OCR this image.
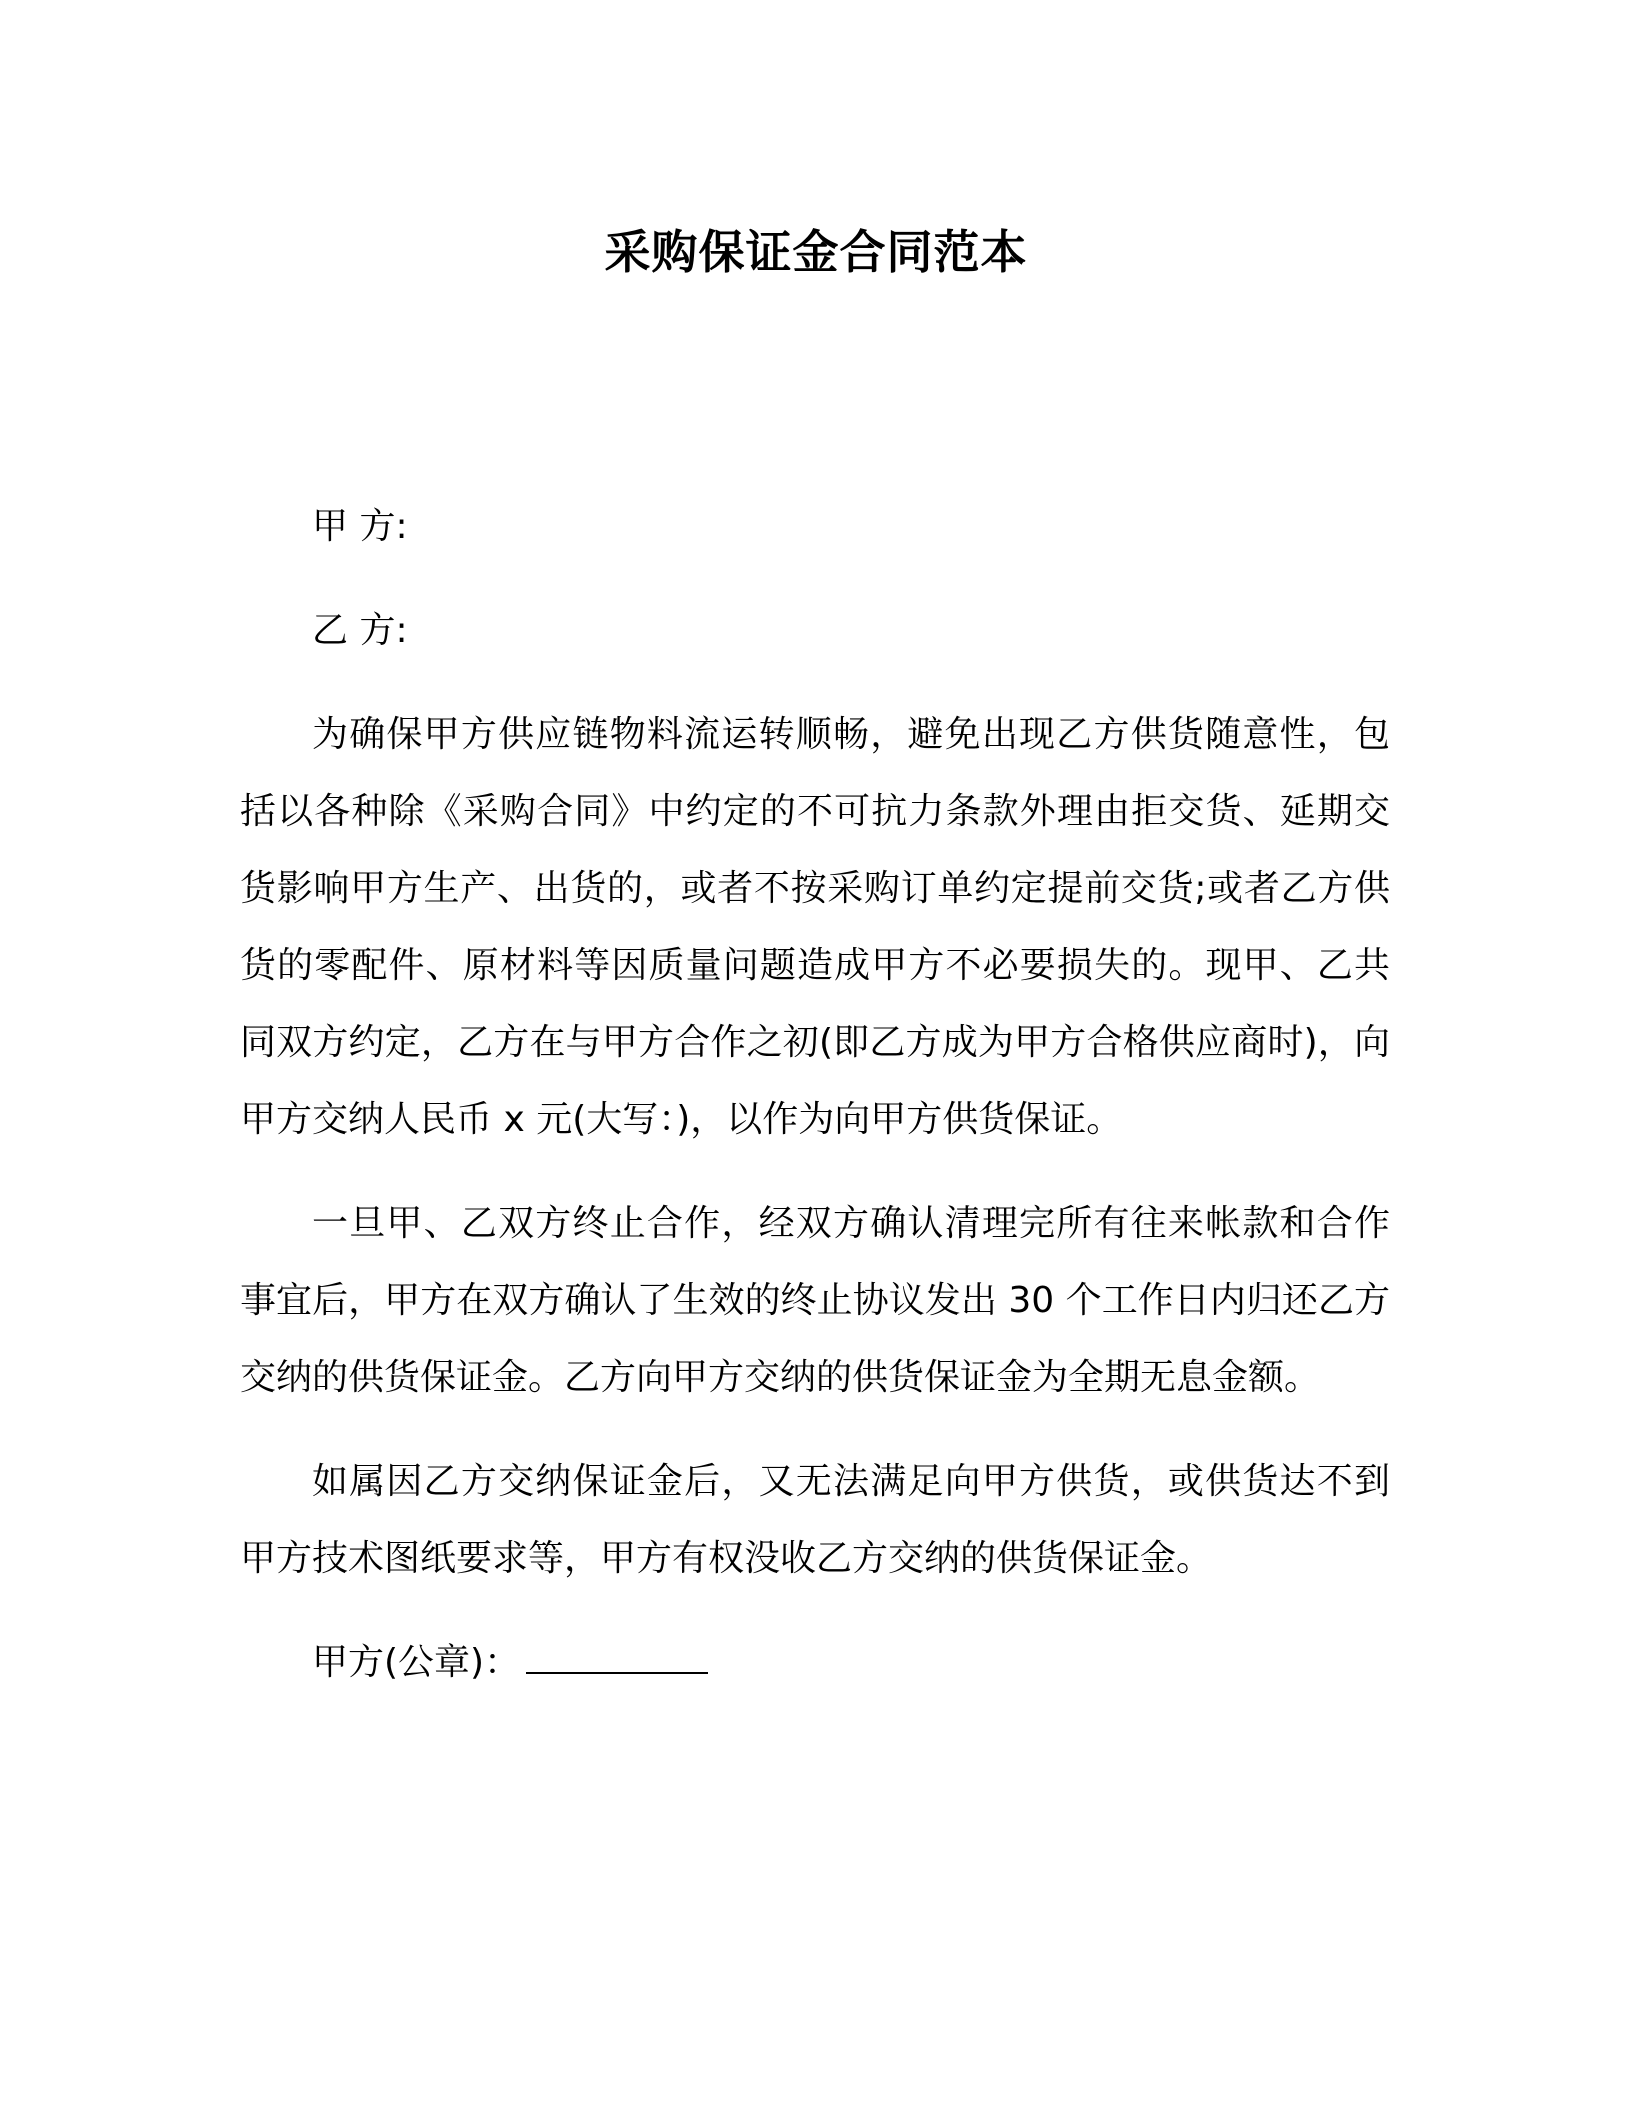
采购保证金合同范本

甲 方:

乙 方:

为确保甲方供应链物料流运转顺畅，避免出现乙方供货随意性，包括以各种除《采购合同》中约定的不可抗力条款外理由拒交货、延期交货影响甲方生产、出货的，或者不按采购订单约定提前交货;或者乙方供货的零配件、原材料等因质量问题造成甲方不必要损失的。现甲、乙共同双方约定，乙方在与甲方合作之初(即乙方成为甲方合格供应商时)，向甲方交纳人民币 x 元(大写：)，以作为向甲方供货保证。

一旦甲、乙双方终止合作，经双方确认清理完所有往来帐款和合作事宜后，甲方在双方确认了生效的终止协议发出 30 个工作日内归还乙方交纳的供货保证金。乙方向甲方交纳的供货保证金为全期无息金额。

如属因乙方交纳保证金后，又无法满足向甲方供货，或供货达不到甲方技术图纸要求等，甲方有权没收乙方交纳的供货保证金。

甲方(公章)：
